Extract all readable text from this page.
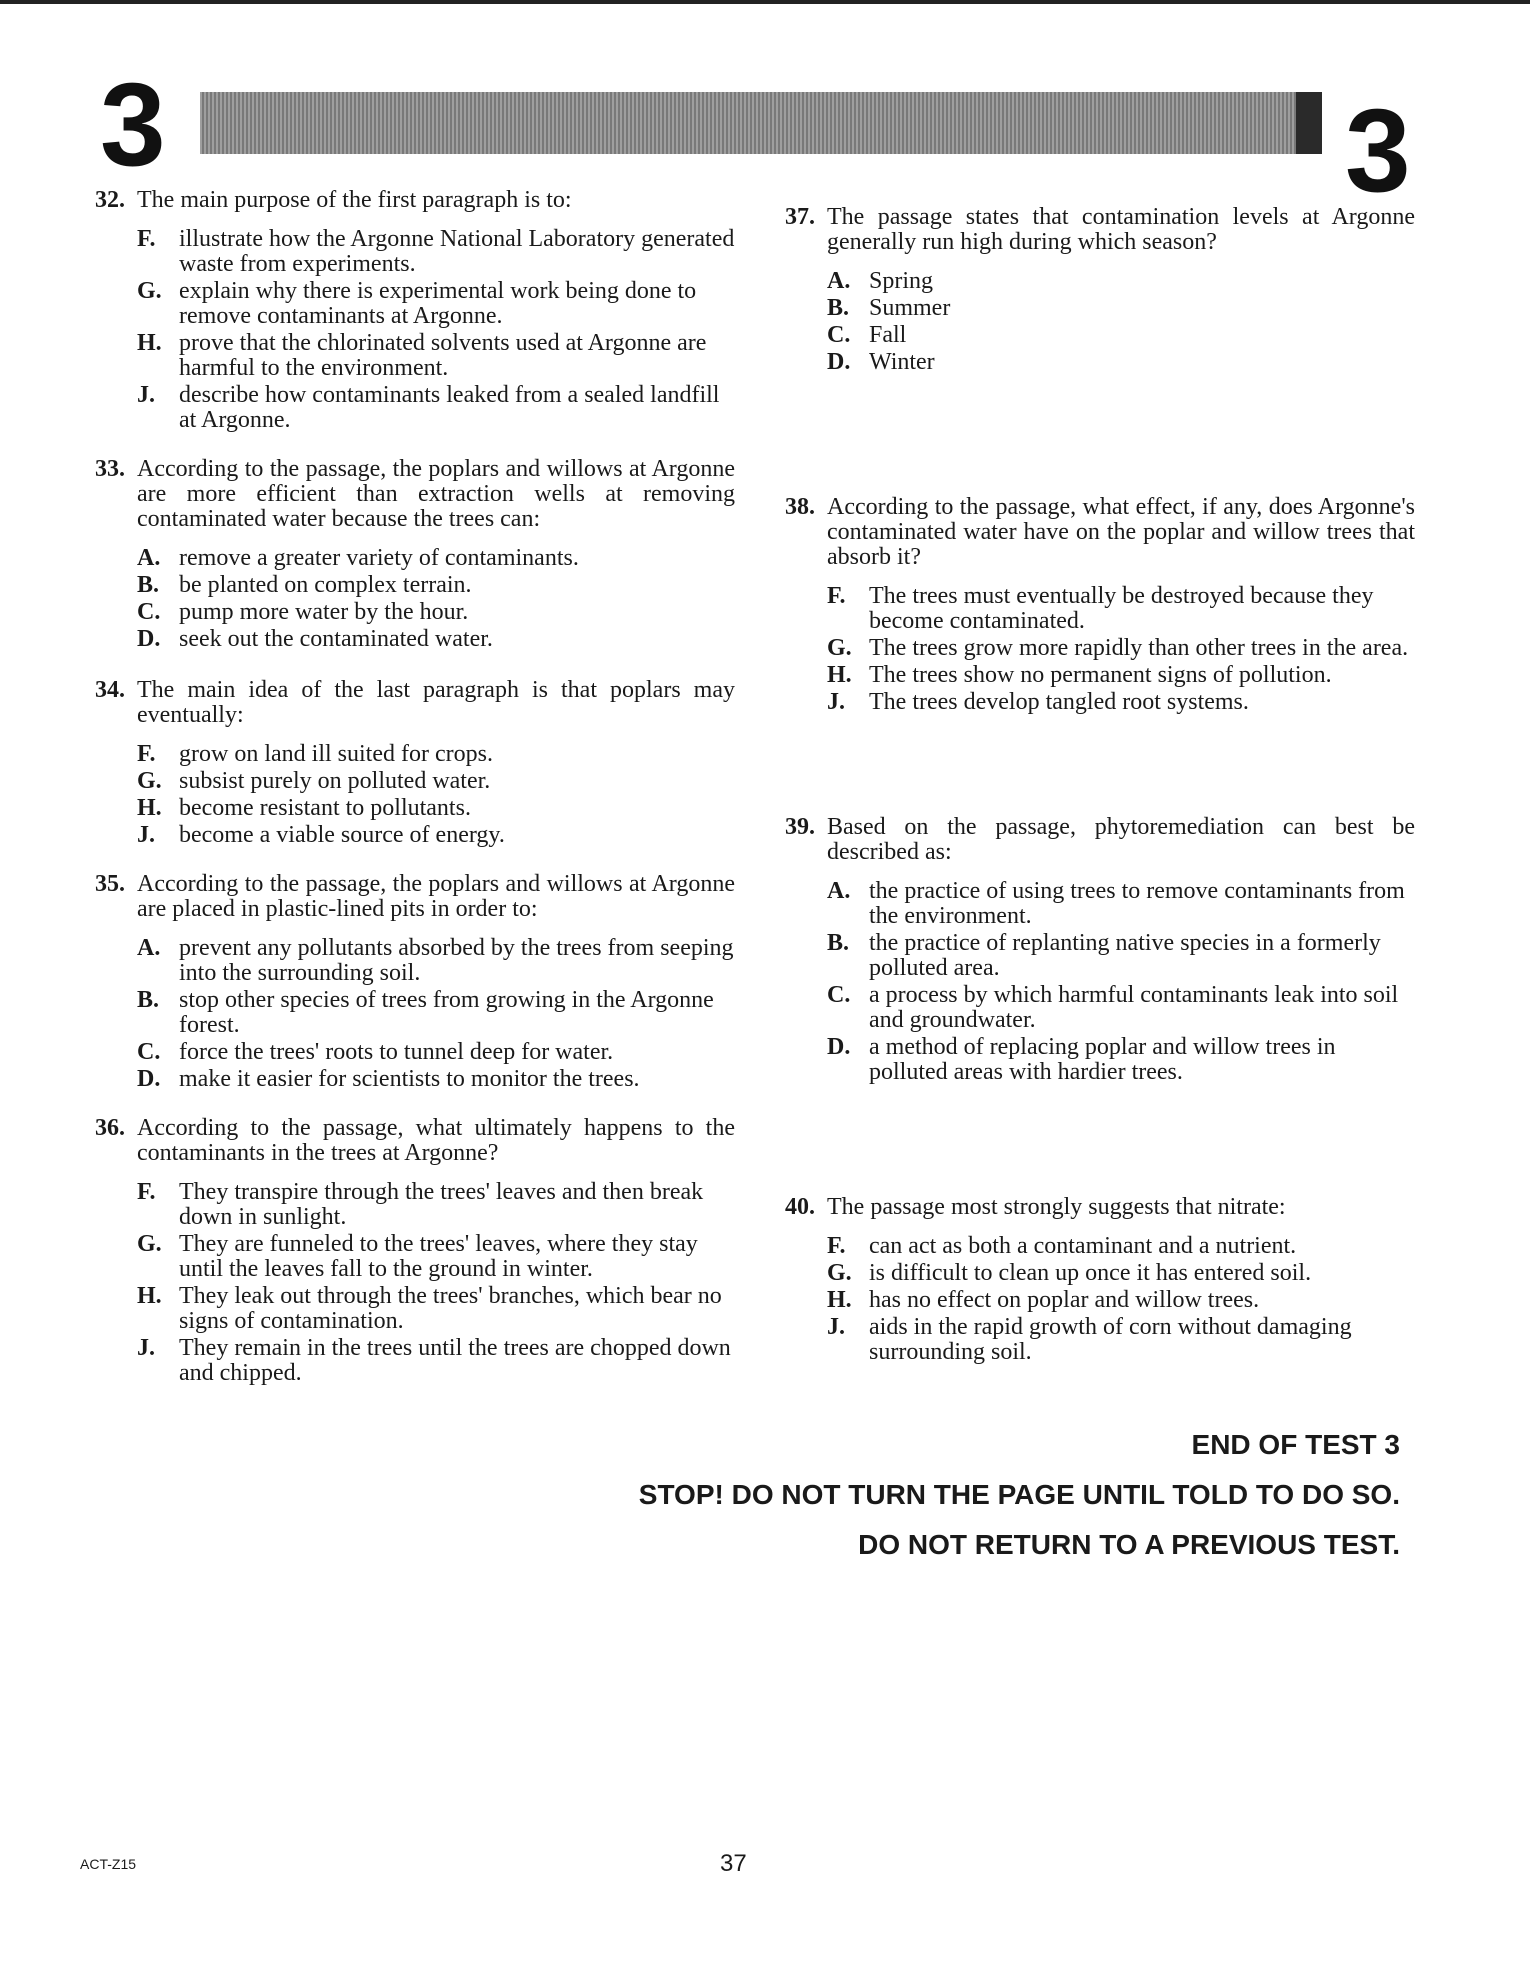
3	3
32. The main purpose of the first paragraph is to:
F. illustrate how the Argonne National Laboratory generated waste from experiments.
G. explain why there is experimental work being done to remove contaminants at Argonne.
H. prove that the chlorinated solvents used at Argonne are harmful to the environment.
J. describe how contaminants leaked from a sealed landfill at Argonne.
33. According to the passage, the poplars and willows at Argonne are more efficient than extraction wells at removing contaminated water because the trees can:
A. remove a greater variety of contaminants.
B. be planted on complex terrain.
C. pump more water by the hour.
D. seek out the contaminated water.
34. The main idea of the last paragraph is that poplars may eventually:
F. grow on land ill suited for crops.
G. subsist purely on polluted water.
H. become resistant to pollutants.
J. become a viable source of energy.
35. According to the passage, the poplars and willows at Argonne are placed in plastic-lined pits in order to:
A. prevent any pollutants absorbed by the trees from seeping into the surrounding soil.
B. stop other species of trees from growing in the Argonne forest.
C. force the trees' roots to tunnel deep for water.
D. make it easier for scientists to monitor the trees.
36. According to the passage, what ultimately happens to the contaminants in the trees at Argonne?
F. They transpire through the trees' leaves and then break down in sunlight.
G. They are funneled to the trees' leaves, where they stay until the leaves fall to the ground in winter.
H. They leak out through the trees' branches, which bear no signs of contamination.
J. They remain in the trees until the trees are chopped down and chipped.
37. The passage states that contamination levels at Argonne generally run high during which season?
A. Spring
B. Summer
C. Fall
D. Winter
38. According to the passage, what effect, if any, does Argonne's contaminated water have on the poplar and willow trees that absorb it?
F. The trees must eventually be destroyed because they become contaminated.
G. The trees grow more rapidly than other trees in the area.
H. The trees show no permanent signs of pollution.
J. The trees develop tangled root systems.
39. Based on the passage, phytoremediation can best be described as:
A. the practice of using trees to remove contaminants from the environment.
B. the practice of replanting native species in a formerly polluted area.
C. a process by which harmful contaminants leak into soil and groundwater.
D. a method of replacing poplar and willow trees in polluted areas with hardier trees.
40. The passage most strongly suggests that nitrate:
F. can act as both a contaminant and a nutrient.
G. is difficult to clean up once it has entered soil.
H. has no effect on poplar and willow trees.
J. aids in the rapid growth of corn without damaging surrounding soil.
END OF TEST 3
STOP! DO NOT TURN THE PAGE UNTIL TOLD TO DO SO.
DO NOT RETURN TO A PREVIOUS TEST.
ACT-Z15	37
